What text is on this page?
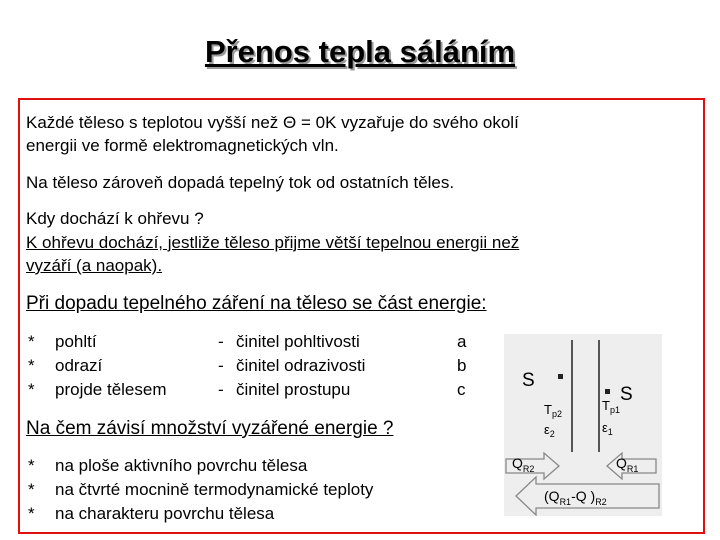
Přenos tepla sáláním
Každé těleso s teplotou vyšší než Θ = 0K vyzařuje do svého okolí
energii ve formě elektromagnetických vln.
Na těleso zároveň dopadá tepelný tok od ostatních těles.
Kdy dochází k ohřevu ?
K ohřevu dochází, jestliže těleso přijme větší tepelnou energii než
vyzáří (a naopak).
Při dopadu tepelného záření na těleso se část energie:
* pohltí	- činitel pohltivosti	a
* odrazí	- činitel odrazivosti	b
* projde tělesem	- činitel prostupu	c
Na čem závisí množství vyzářené energie ?
* na ploše aktivního povrchu tělesa
* na čtvrté mocnině termodynamické teploty
* na charakteru povrchu tělesa
S
S
$T_{p2}$
$T_{p1}$
$\varepsilon_2$	$\varepsilon_1$
$Q_{R2}$	$Q_{R1}$
($Q_{R1}-Q$ )$_{R2}$
